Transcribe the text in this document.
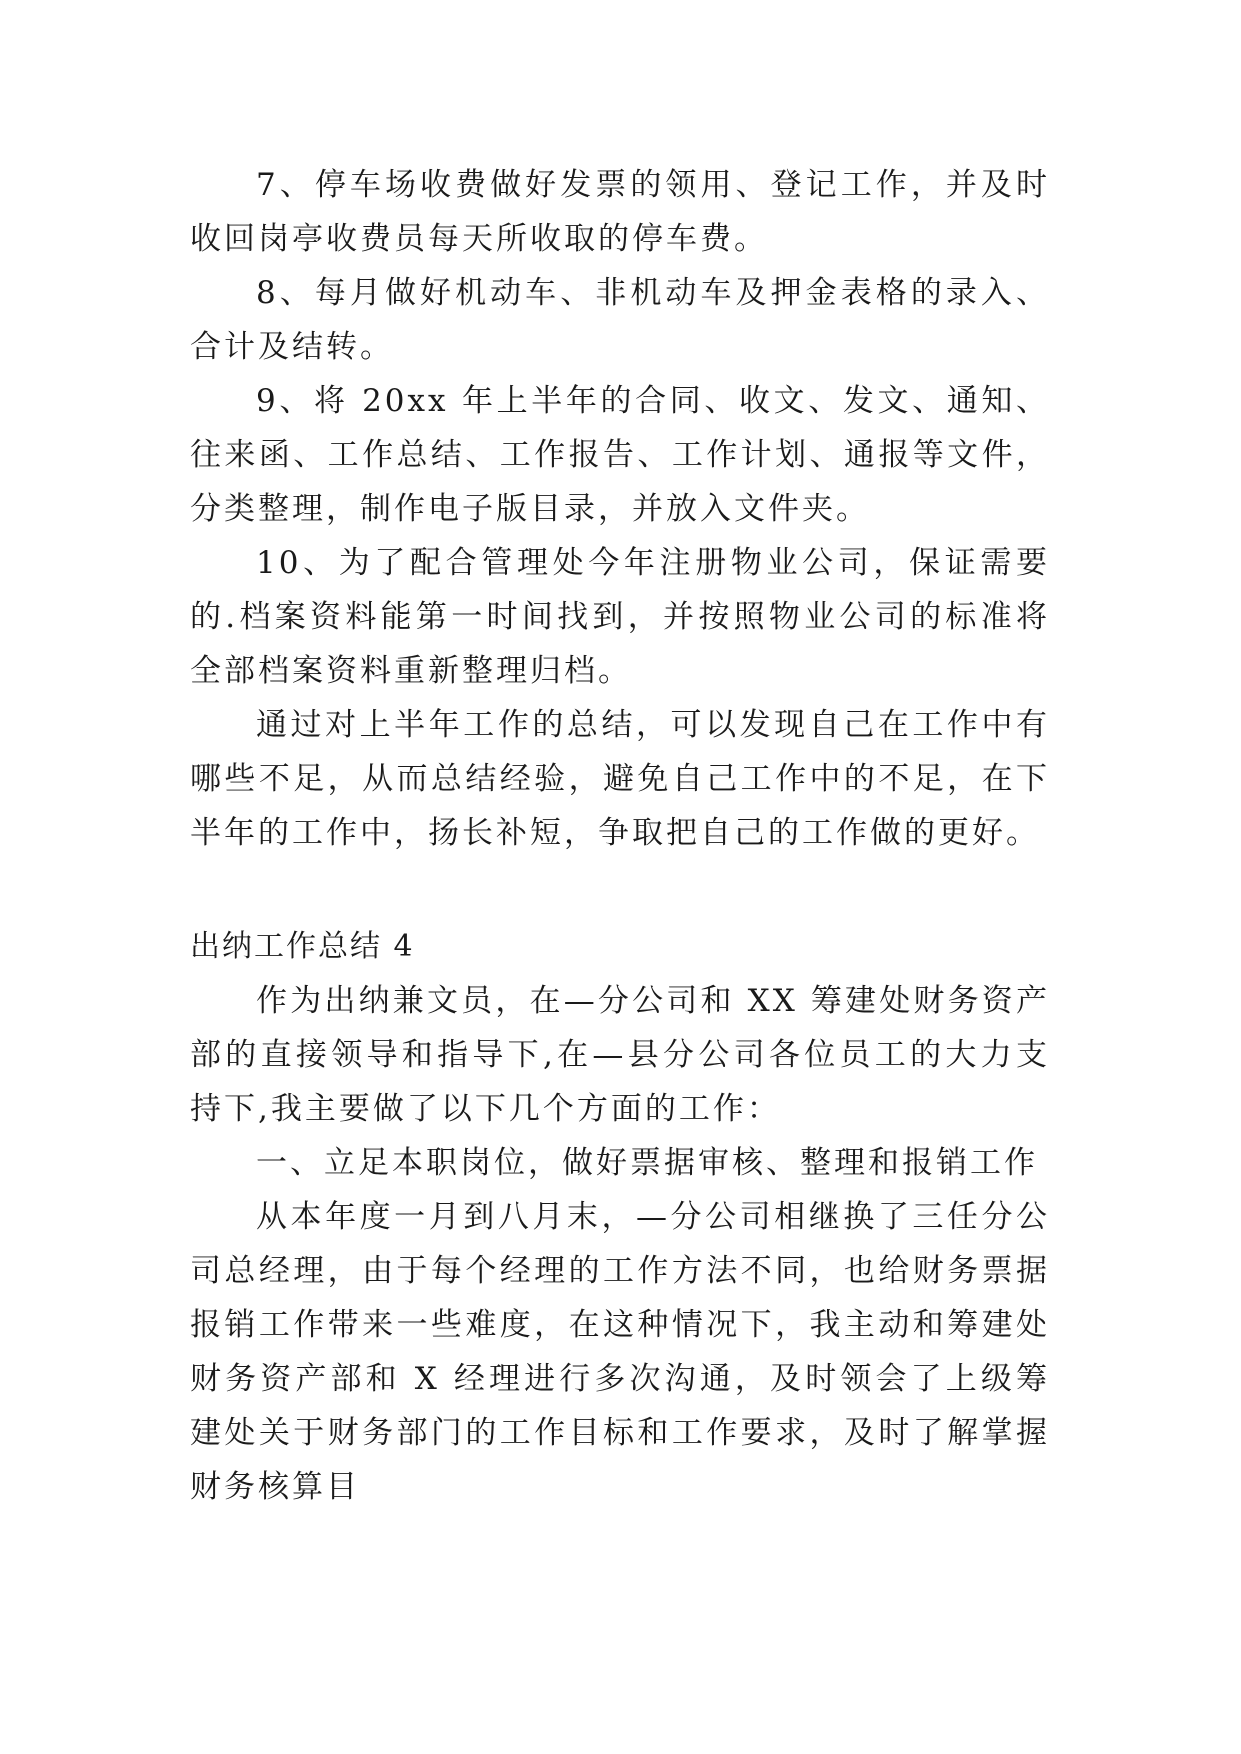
7、停车场收费做好发票的领用、登记工作，并及时收回岗亭收费员每天所收取的停车费。

8、每月做好机动车、非机动车及押金表格的录入、合计及结转。

9、将 20xx 年上半年的合同、收文、发文、通知、往来函、工作总结、工作报告、工作计划、通报等文件，分类整理，制作电子版目录，并放入文件夹。

10、为了配合管理处今年注册物业公司，保证需要的.档案资料能第一时间找到，并按照物业公司的标准将全部档案资料重新整理归档。

通过对上半年工作的总结，可以发现自己在工作中有哪些不足，从而总结经验，避免自己工作中的不足，在下半年的工作中，扬长补短，争取把自己的工作做的更好。

出纳工作总结 4

作为出纳兼文员，在—分公司和 XX 筹建处财务资产部的直接领导和指导下,在—县分公司各位员工的大力支持下,我主要做了以下几个方面的工作：

一、立足本职岗位，做好票据审核、整理和报销工作

从本年度一月到八月末，—分公司相继换了三任分公司总经理，由于每个经理的工作方法不同，也给财务票据报销工作带来一些难度，在这种情况下，我主动和筹建处财务资产部和 X 经理进行多次沟通，及时领会了上级筹建处关于财务部门的工作目标和工作要求，及时了解掌握财务核算目
